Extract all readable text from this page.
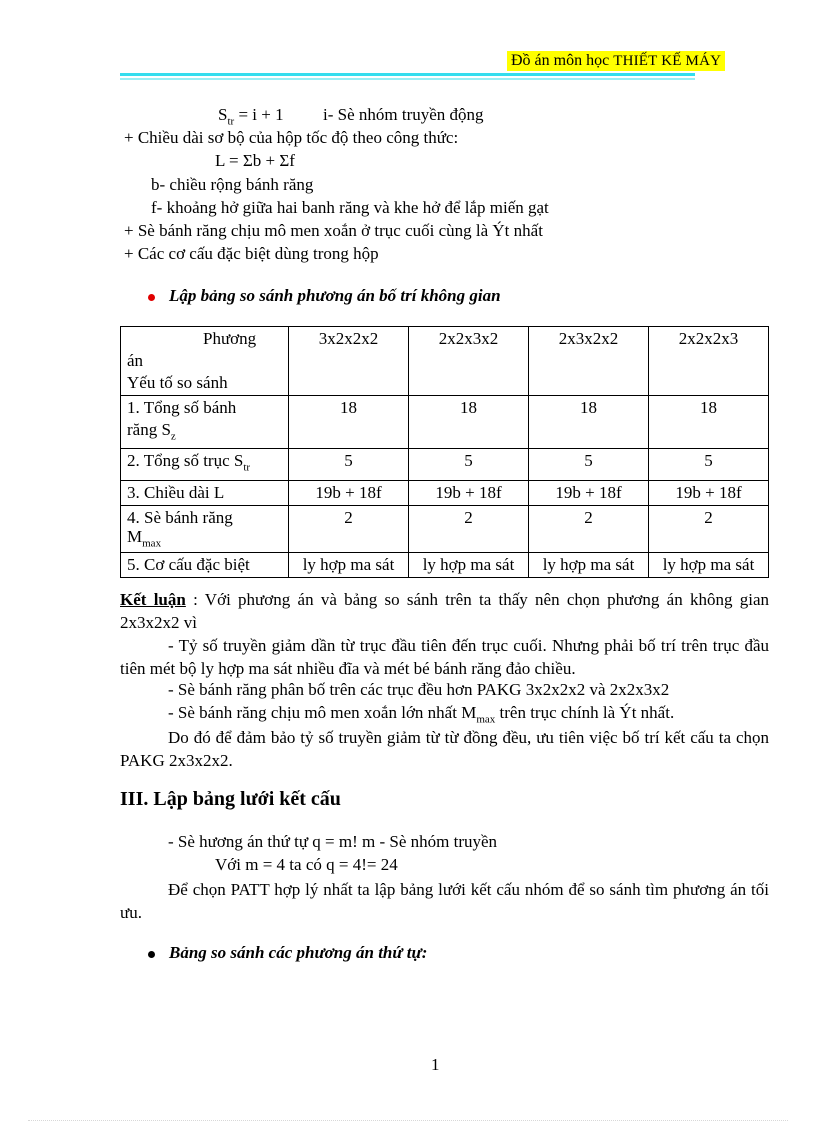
Đồ án môn học THIẾT KẾ MÁY
$S_{tr} = i + 1$ i- Sè nhóm truyền động
+ Chiều dài sơ bộ của hộp tốc độ theo công thức:
L = Σb + Σf
b- chiều rộng bánh răng
f- khoảng hở giữa hai banh răng và khe hở để lắp miến gạt
+ Sè bánh răng chịu mô men xoắn ở trục cuối cùng là Ýt nhất
+ Các cơ cấu đặc biệt dùng trong hộp
Lập bảng so sánh phương án bố trí không gian
Phương
án
Yếu tố so sánh	3x2x2x2	2x2x3x2	2x3x2x2	2x2x2x3

1. Tổng số bánh
răng $S_z$	18	18	18	18
2. Tổng số trục $S_{tr}$	5	5	5	5
3. Chiều dài L	19b + 18f	19b + 18f	19b + 18f	19b + 18f

4. Sè bánh răng
$M_{max}$	2	2	2	2
5. Cơ cấu đặc biệt	ly hợp ma sát	ly hợp ma sát	ly hợp ma sát	ly hợp ma sát
Kết luận : Với phương án và bảng so sánh trên ta thấy nên chọn phương án không gian 2x3x2x2 vì
- Tỷ số truyền giảm dần từ trục đầu tiên đến trục cuối. Nhưng phải bố trí trên trục đầu tiên mét bộ ly hợp ma sát nhiều đĩa và mét bé bánh răng đảo chiều.
- Sè bánh răng phân bố trên các trục đều hơn PAKG 3x2x2x2 và 2x2x3x2
- Sè bánh răng chịu mô men xoắn lớn nhất $M_{max}$ trên trục chính là Ýt nhất.
Do đó để đảm bảo tỷ số truyền giảm từ từ đồng đều, ưu tiên việc bố trí kết cấu ta chọn PAKG 2x3x2x2.
III. Lập bảng lưới kết cấu
- Sè hương án thứ tự q = m! m - Sè nhóm truyền
Với m = 4 ta có q = 4!= 24
Để chọn PATT hợp lý nhất ta lập bảng lưới kết cấu nhóm để so sánh tìm phương án tối ưu.
Bảng so sánh các phương án thứ tự:
1
